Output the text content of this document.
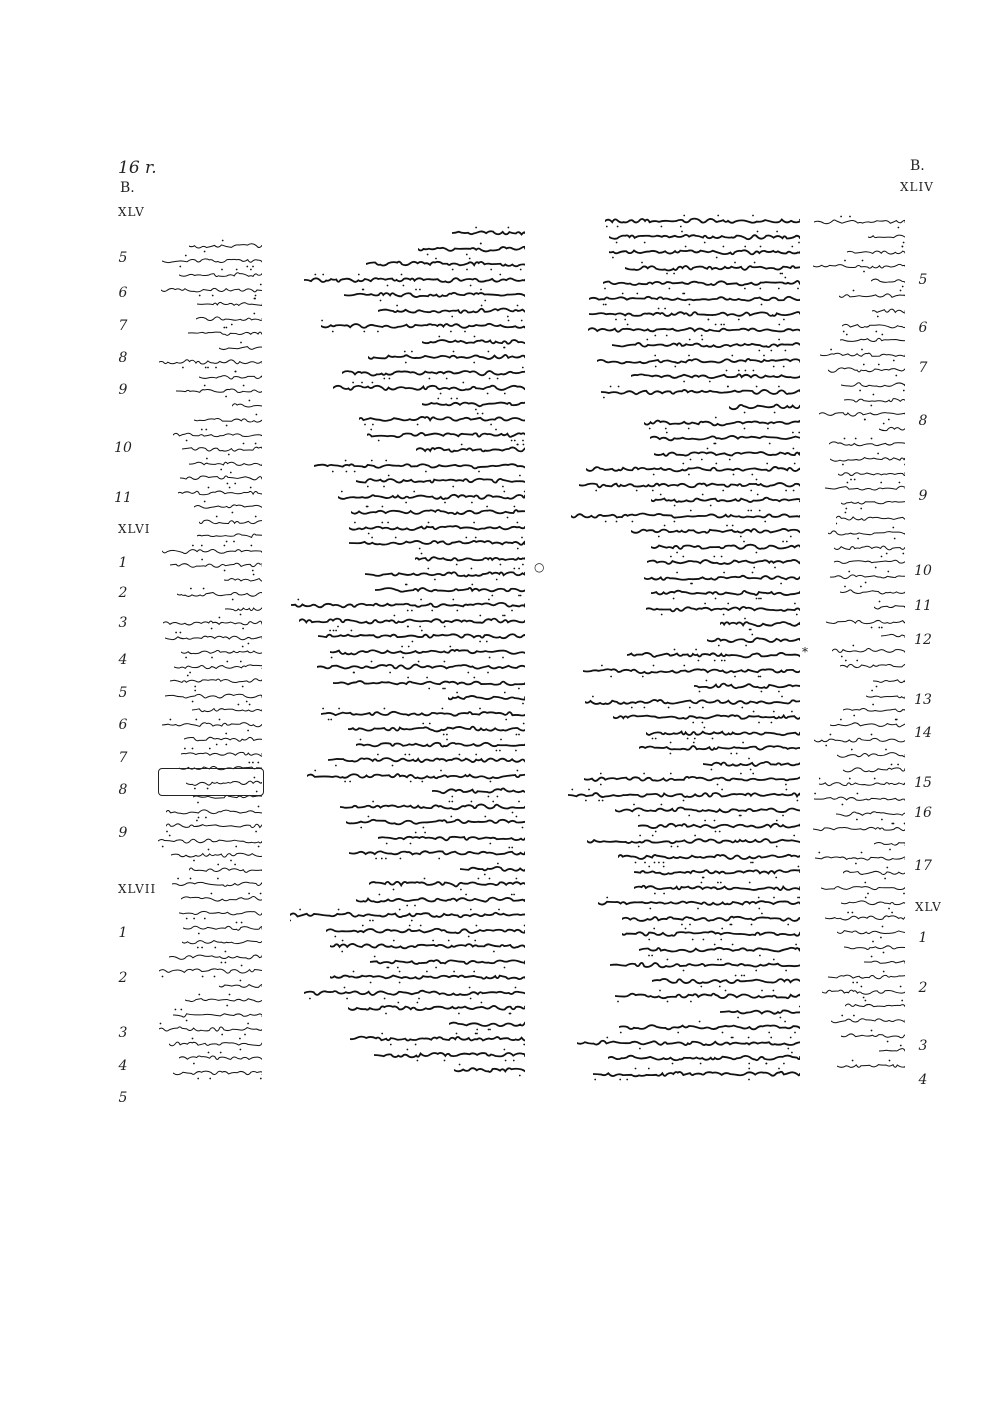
16 r.
B.
XLV
B.
XLIV
5
6
7
8
9
10
11
XLVI
1
2
3
4
5
6
7
8
9
XLVII
1
2
3
4
5
5
6
7
8
9
10
11
12
13
14
15
16
17
XLV
1
2
3
4
*
○
